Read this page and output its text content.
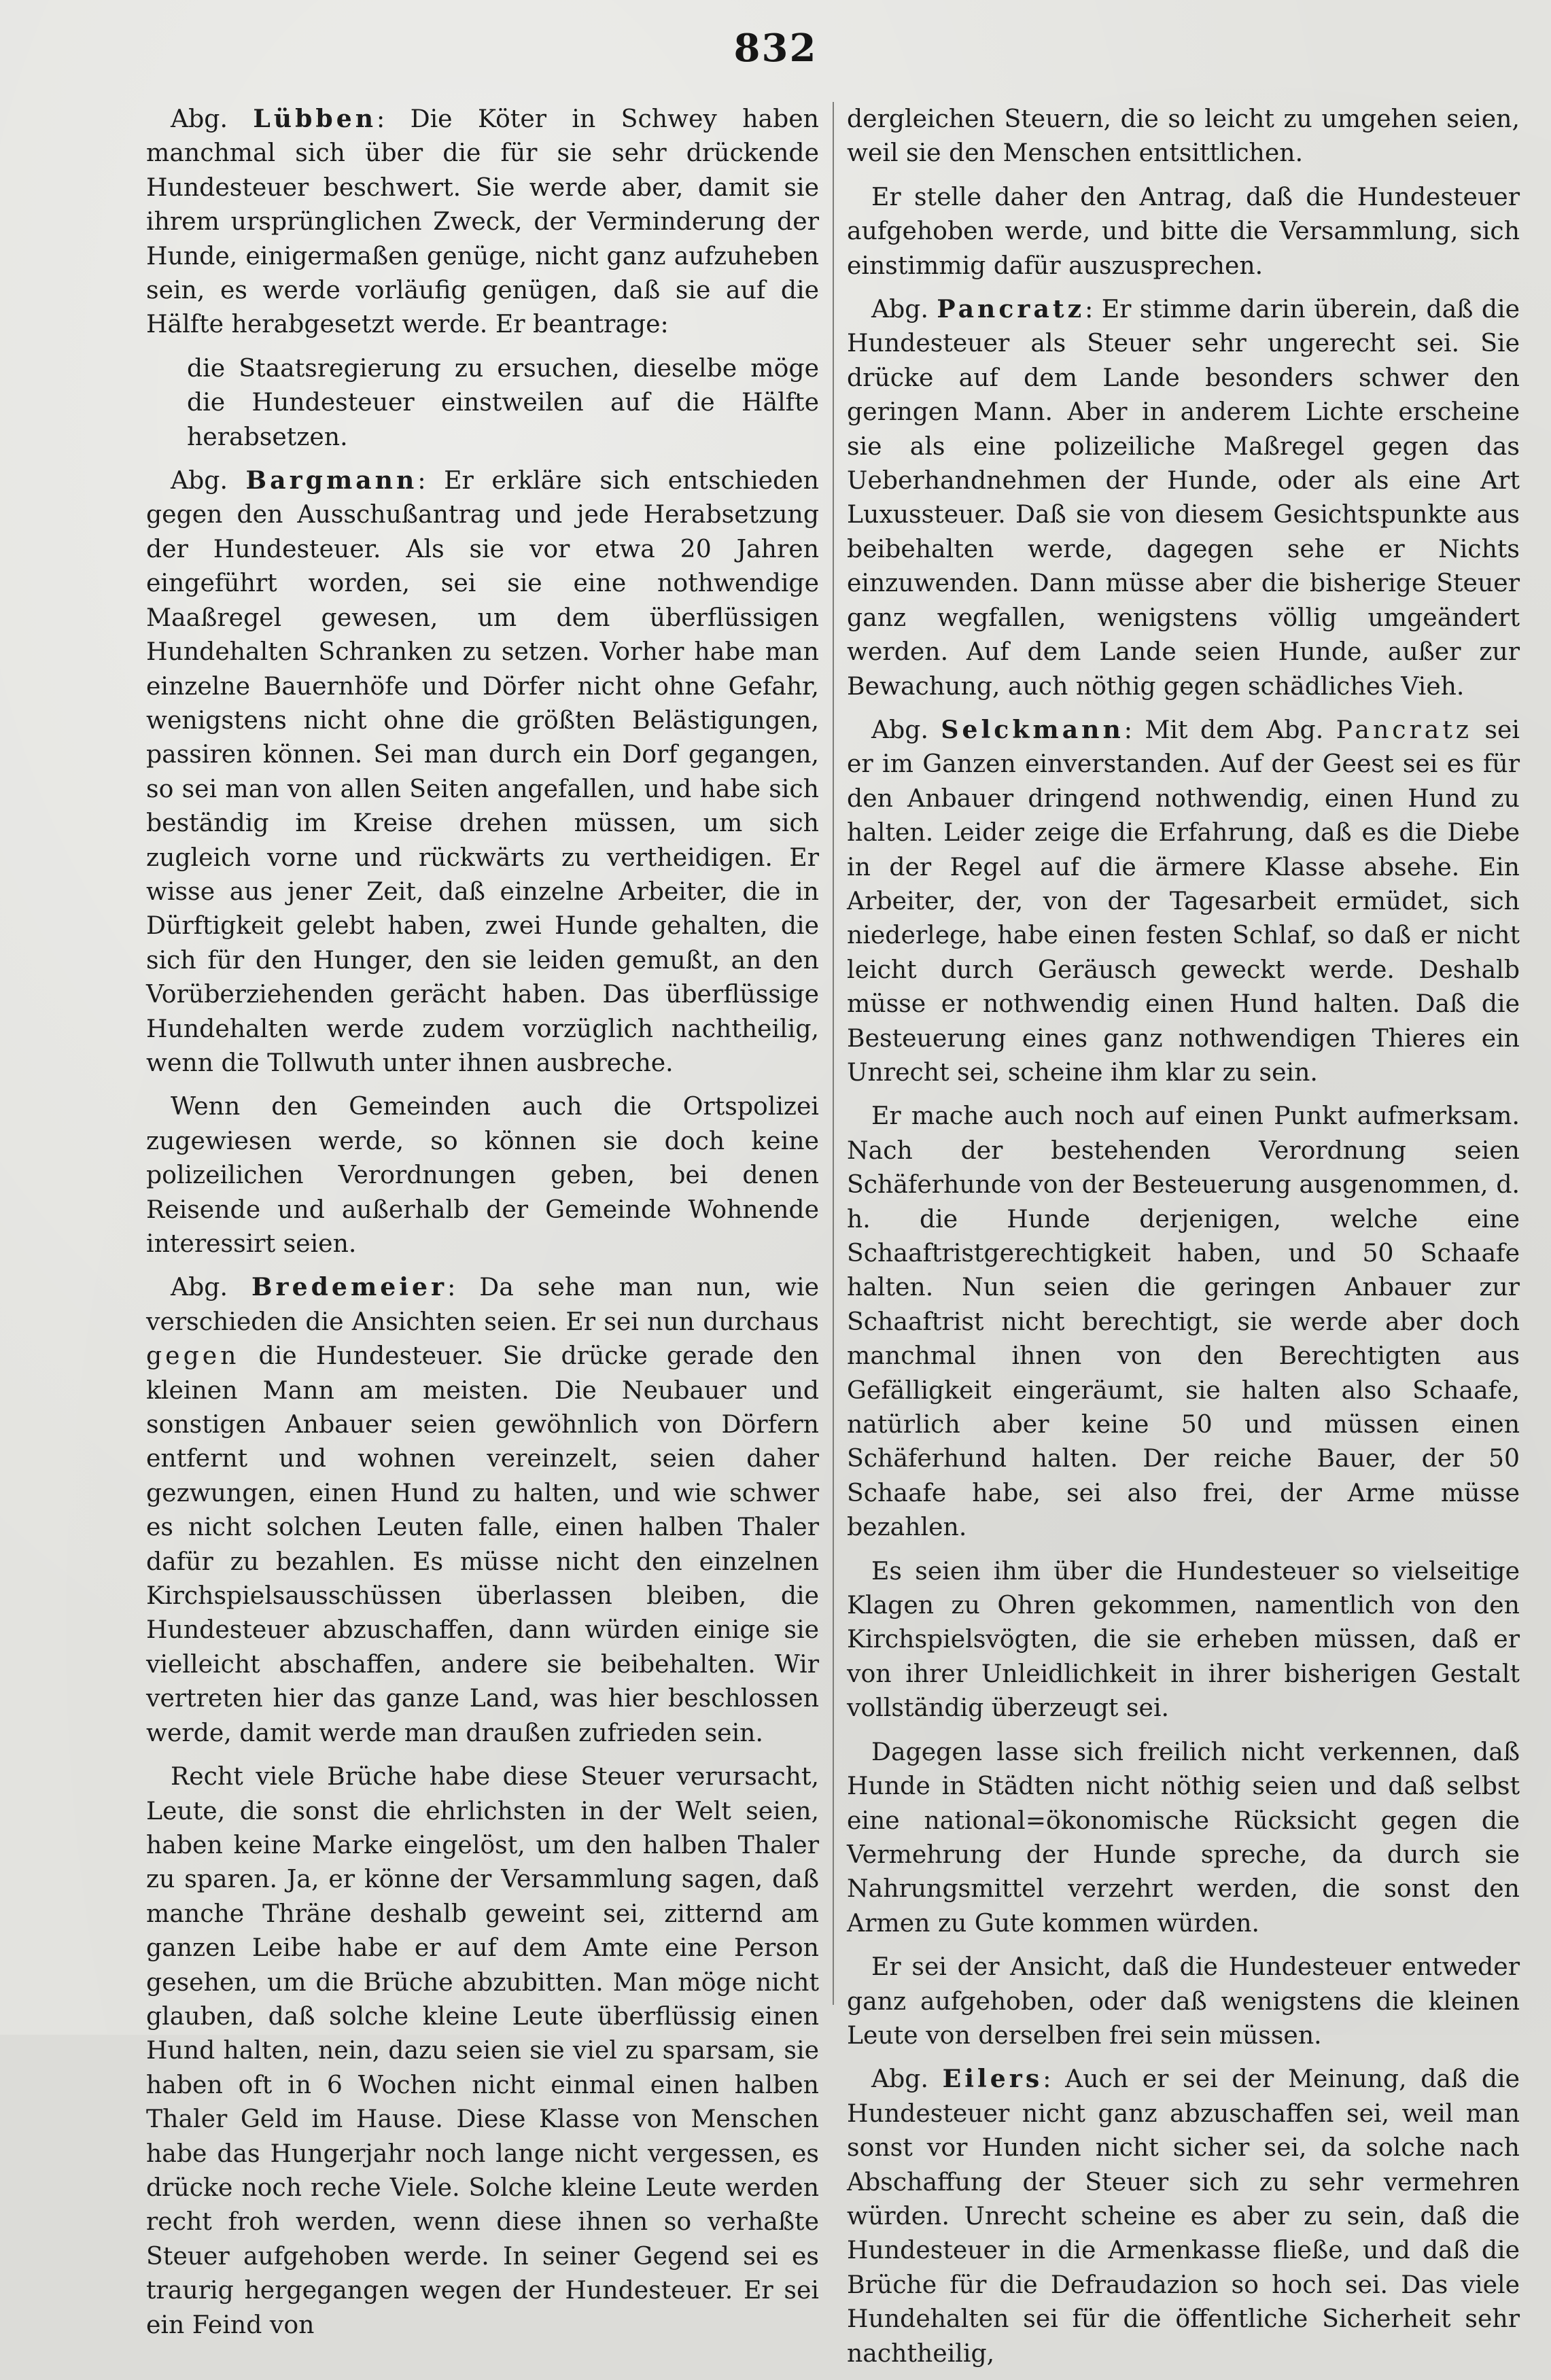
832

Abg. Lübben: Die Köter in Schwey haben manchmal sich über die für sie sehr drückende Hundesteuer beschwert. Sie werde aber, damit sie ihrem ursprünglichen Zweck, der Verminderung der Hunde, einigermaßen genüge, nicht ganz aufzuheben sein, es werde vorläufig genügen, daß sie auf die Hälfte herabgesetzt werde. Er beantrage:

die Staatsregierung zu ersuchen, dieselbe möge die Hundesteuer einstweilen auf die Hälfte herabsetzen.

Abg. Bargmann: Er erkläre sich entschieden gegen den Ausschußantrag und jede Herabsetzung der Hundesteuer. Als sie vor etwa 20 Jahren eingeführt worden, sei sie eine nothwendige Maaßregel gewesen, um dem überflüssigen Hundehalten Schranken zu setzen. Vorher habe man einzelne Bauernhöfe und Dörfer nicht ohne Gefahr, wenigstens nicht ohne die größten Belästigungen, passiren können. Sei man durch ein Dorf gegangen, so sei man von allen Seiten angefallen, und habe sich beständig im Kreise drehen müssen, um sich zugleich vorne und rückwärts zu vertheidigen. Er wisse aus jener Zeit, daß einzelne Arbeiter, die in Dürftigkeit gelebt haben, zwei Hunde gehalten, die sich für den Hunger, den sie leiden gemußt, an den Vorüberziehenden gerächt haben. Das überflüssige Hundehalten werde zudem vorzüglich nachtheilig, wenn die Tollwuth unter ihnen ausbreche.

Wenn den Gemeinden auch die Ortspolizei zugewiesen werde, so können sie doch keine polizeilichen Verordnungen geben, bei denen Reisende und außerhalb der Gemeinde Wohnende interessirt seien.

Abg. Bredemeier: Da sehe man nun, wie verschieden die Ansichten seien. Er sei nun durchaus gegen die Hundesteuer. Sie drücke gerade den kleinen Mann am meisten. Die Neubauer und sonstigen Anbauer seien gewöhnlich von Dörfern entfernt und wohnen vereinzelt, seien daher gezwungen, einen Hund zu halten, und wie schwer es nicht solchen Leuten falle, einen halben Thaler dafür zu bezahlen. Es müsse nicht den einzelnen Kirchspielsausschüssen überlassen bleiben, die Hundesteuer abzuschaffen, dann würden einige sie vielleicht abschaffen, andere sie beibehalten. Wir vertreten hier das ganze Land, was hier beschlossen werde, damit werde man draußen zufrieden sein.

Recht viele Brüche habe diese Steuer verursacht, Leute, die sonst die ehrlichsten in der Welt seien, haben keine Marke eingelöst, um den halben Thaler zu sparen. Ja, er könne der Versammlung sagen, daß manche Thräne deshalb geweint sei, zitternd am ganzen Leibe habe er auf dem Amte eine Person gesehen, um die Brüche abzubitten. Man möge nicht glauben, daß solche kleine Leute überflüssig einen Hund halten, nein, dazu seien sie viel zu sparsam, sie haben oft in 6 Wochen nicht einmal einen halben Thaler Geld im Hause. Diese Klasse von Menschen habe das Hungerjahr noch lange nicht vergessen, es drücke noch reche Viele. Solche kleine Leute werden recht froh werden, wenn diese ihnen so verhaßte Steuer aufgehoben werde. In seiner Gegend sei es traurig hergegangen wegen der Hundesteuer. Er sei ein Feind von

dergleichen Steuern, die so leicht zu umgehen seien, weil sie den Menschen entsittlichen.

Er stelle daher den Antrag, daß die Hundesteuer aufgehoben werde, und bitte die Versammlung, sich einstimmig dafür auszusprechen.

Abg. Pancratz: Er stimme darin überein, daß die Hundesteuer als Steuer sehr ungerecht sei. Sie drücke auf dem Lande besonders schwer den geringen Mann. Aber in anderem Lichte erscheine sie als eine polizeiliche Maßregel gegen das Ueberhandnehmen der Hunde, oder als eine Art Luxussteuer. Daß sie von diesem Gesichtspunkte aus beibehalten werde, dagegen sehe er Nichts einzuwenden. Dann müsse aber die bisherige Steuer ganz wegfallen, wenigstens völlig umgeändert werden. Auf dem Lande seien Hunde, außer zur Bewachung, auch nöthig gegen schädliches Vieh.

Abg. Selckmann: Mit dem Abg. Pancratz sei er im Ganzen einverstanden. Auf der Geest sei es für den Anbauer dringend nothwendig, einen Hund zu halten. Leider zeige die Erfahrung, daß es die Diebe in der Regel auf die ärmere Klasse absehe. Ein Arbeiter, der, von der Tagesarbeit ermüdet, sich niederlege, habe einen festen Schlaf, so daß er nicht leicht durch Geräusch geweckt werde. Deshalb müsse er nothwendig einen Hund halten. Daß die Besteuerung eines ganz nothwendigen Thieres ein Unrecht sei, scheine ihm klar zu sein.

Er mache auch noch auf einen Punkt aufmerksam. Nach der bestehenden Verordnung seien Schäferhunde von der Besteuerung ausgenommen, d. h. die Hunde derjenigen, welche eine Schaaftristgerechtigkeit haben, und 50 Schaafe halten. Nun seien die geringen Anbauer zur Schaaftrist nicht berechtigt, sie werde aber doch manchmal ihnen von den Berechtigten aus Gefälligkeit eingeräumt, sie halten also Schaafe, natürlich aber keine 50 und müssen einen Schäferhund halten. Der reiche Bauer, der 50 Schaafe habe, sei also frei, der Arme müsse bezahlen.

Es seien ihm über die Hundesteuer so vielseitige Klagen zu Ohren gekommen, namentlich von den Kirchspielsvögten, die sie erheben müssen, daß er von ihrer Unleidlichkeit in ihrer bisherigen Gestalt vollständig überzeugt sei.

Dagegen lasse sich freilich nicht verkennen, daß Hunde in Städten nicht nöthig seien und daß selbst eine national=ökonomische Rücksicht gegen die Vermehrung der Hunde spreche, da durch sie Nahrungsmittel verzehrt werden, die sonst den Armen zu Gute kommen würden.

Er sei der Ansicht, daß die Hundesteuer entweder ganz aufgehoben, oder daß wenigstens die kleinen Leute von derselben frei sein müssen.

Abg. Eilers: Auch er sei der Meinung, daß die Hundesteuer nicht ganz abzuschaffen sei, weil man sonst vor Hunden nicht sicher sei, da solche nach Abschaffung der Steuer sich zu sehr vermehren würden. Unrecht scheine es aber zu sein, daß die Hundesteuer in die Armenkasse fließe, und daß die Brüche für die Defraudazion so hoch sei. Das viele Hundehalten sei für die öffentliche Sicherheit sehr nachtheilig,
